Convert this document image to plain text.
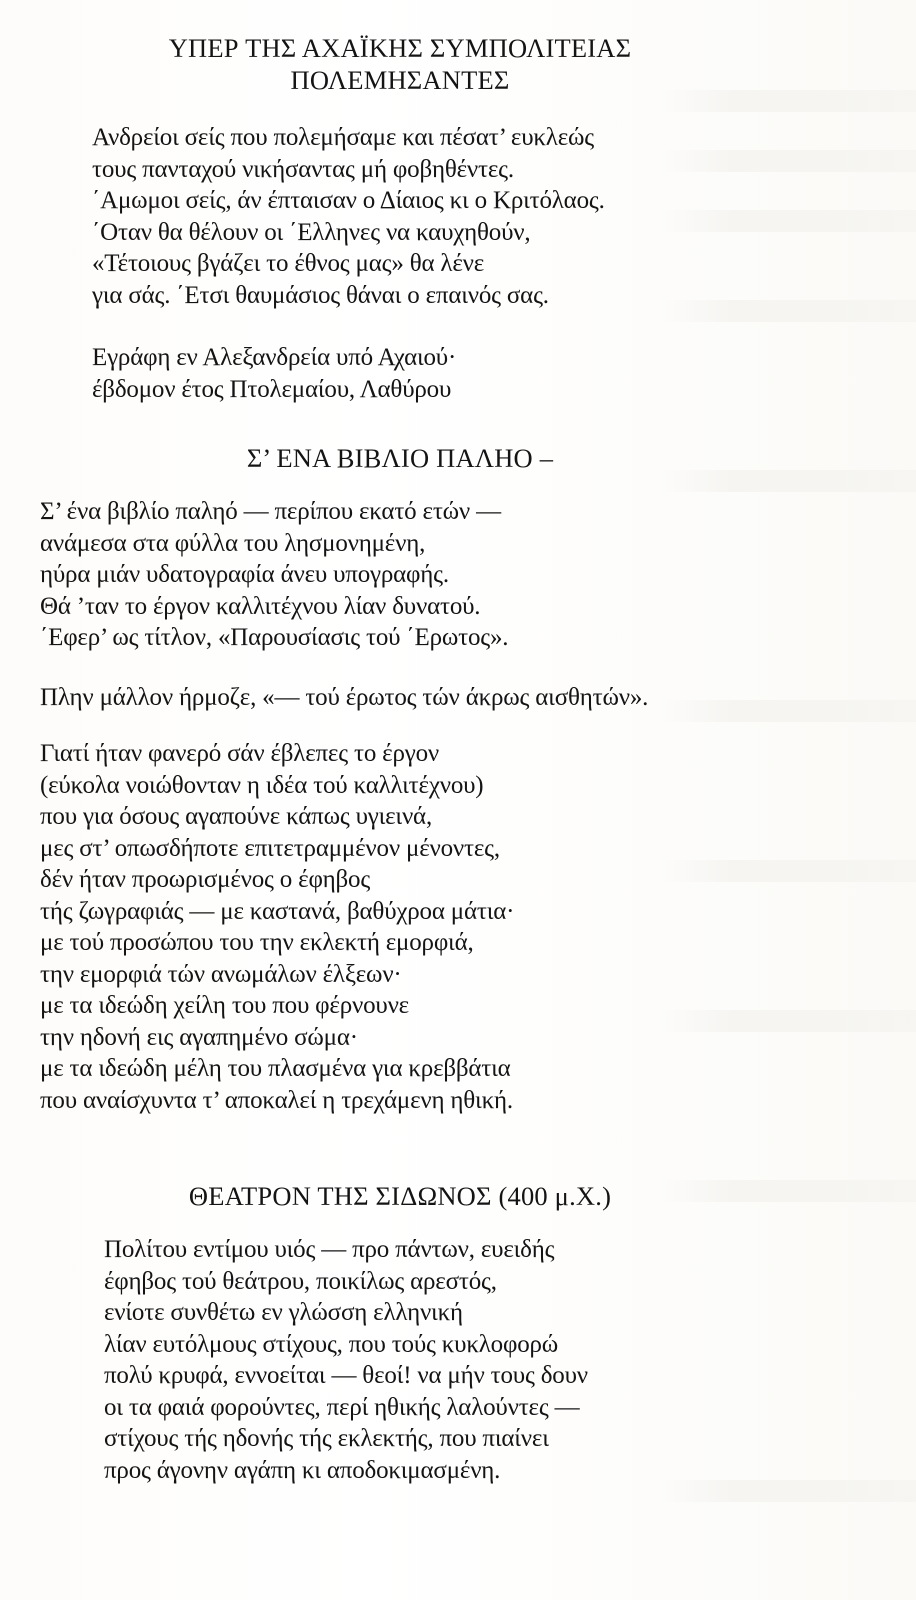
ΥΠΕΡ ΤΗΣ ΑΧΑΪΚΗΣ ΣΥΜΠΟΛΙΤΕΙΑΣ
ΠΟΛΕΜΗΣΑΝΤΕΣ
Ανδρείοι σείς που πολεμήσαμε και πέσατ’ ευκλεώς
τους πανταχού νικήσαντας μή φοβηθέντες.
΄Αμωμοι σείς, άν έπταισαν ο Δίαιος κι ο Κριτόλαος.
΄Οταν θα θέλουν οι ΄Ελληνες να καυχηθούν,
«Τέτοιους βγάζει το έθνος μας» θα λένε
για σάς. ΄Ετσι θαυμάσιος θάναι ο επαινός σας.
Εγράφη εν Αλεξανδρεία υπό Αχαιού·
έβδομον έτος Πτολεμαίου, Λαθύρου
Σ’ ΕΝΑ ΒΙΒΛΙΟ ΠΑΛΗΟ –
Σ’ ένα βιβλίο παληό — περίπου εκατό ετών —
ανάμεσα στα φύλλα του λησμονημένη,
ηύρα μιάν υδατογραφία άνευ υπογραφής.
Θά ’ταν το έργον καλλιτέχνου λίαν δυνατού.
΄Εφερ’ ως τίτλον, «Παρουσίασις τού ΄Ερωτος».
Πλην μάλλον ήρμοζε, «— τού έρωτος τών άκρως αισθητών».
Γιατί ήταν φανερό σάν έβλεπες το έργον
(εύκολα νοιώθονταν η ιδέα τού καλλιτέχνου)
που για όσους αγαπούνε κάπως υγιεινά,
μες στ’ οπωσδήποτε επιτετραμμένον μένοντες,
δέν ήταν προωρισμένος ο έφηβος
τής ζωγραφιάς — με καστανά, βαθύχροα μάτια·
με τού προσώπου του την εκλεκτή εμορφιά,
την εμορφιά τών ανωμάλων έλξεων·
με τα ιδεώδη χείλη του που φέρνουνε
την ηδονή εις αγαπημένο σώμα·
με τα ιδεώδη μέλη του πλασμένα για κρεββάτια
που αναίσχυντα τ’ αποκαλεί η τρεχάμενη ηθική.
ΘΕΑΤΡΟΝ ΤΗΣ ΣΙΔΩΝΟΣ (400 μ.Χ.)
Πολίτου εντίμου υιός — προ πάντων, ευειδής
έφηβος τού θεάτρου, ποικίλως αρεστός,
ενίοτε συνθέτω εν γλώσση ελληνική
λίαν ευτόλμους στίχους, που τούς κυκλοφορώ
πολύ κρυφά, εννοείται — θεοί! να μήν τους δουν
οι τα φαιά φορούντες, περί ηθικής λαλούντες —
στίχους τής ηδονής τής εκλεκτής, που πιαίνει
προς άγονην αγάπη κι αποδοκιμασμένη.
